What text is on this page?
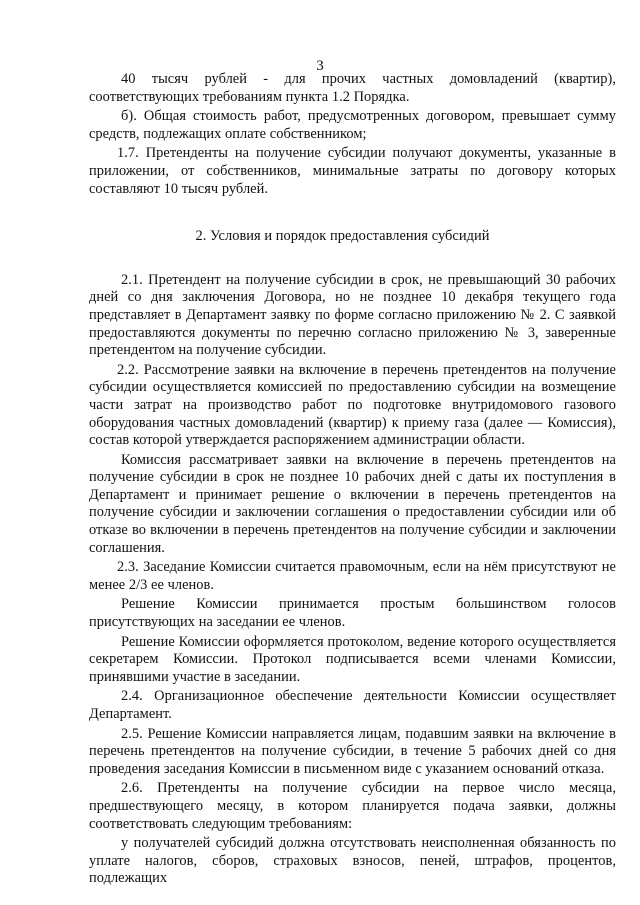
3

40 тысяч рублей - для прочих частных домовладений (квартир), соответствующих требованиям пункта 1.2 Порядка.

б). Общая стоимость работ, предусмотренных договором, превышает сумму средств, подлежащих оплате собственником;

1.7. Претенденты на получение субсидии получают документы, указанные в приложении, от собственников, минимальные затраты по договору которых составляют 10 тысяч рублей.

2. Условия и порядок предоставления субсидий

2.1. Претендент на получение субсидии в срок, не превышающий 30 рабочих дней со дня заключения Договора, но не позднее 10 декабря текущего года представляет в Департамент заявку по форме согласно приложению № 2. С заявкой предоставляются документы по перечню согласно приложению № 3, заверенные претендентом на получение субсидии.

2.2. Рассмотрение заявки на включение в перечень претендентов на получение субсидии осуществляется комиссией по предоставлению субсидии на возмещение части затрат на производство работ по подготовке внутридомового газового оборудования частных домовладений (квартир) к приему газа (далее — Комиссия), состав которой утверждается распоряжением администрации области.

Комиссия рассматривает заявки на включение в перечень претендентов на получение субсидии в срок не позднее 10 рабочих дней с даты их поступления в Департамент и принимает решение о включении в перечень претендентов на получение субсидии и заключении соглашения о предоставлении субсидии или об отказе во включении в перечень претендентов на получение субсидии и заключении соглашения.

2.3. Заседание Комиссии считается правомочным, если на нём присутствуют не менее 2/3 ее членов.

Решение Комиссии принимается простым большинством голосов присутствующих на заседании ее членов.

Решение Комиссии оформляется протоколом, ведение которого осуществляется секретарем Комиссии. Протокол подписывается всеми членами Комиссии, принявшими участие в заседании.

2.4. Организационное обеспечение деятельности Комиссии осуществляет Департамент.

2.5. Решение Комиссии направляется лицам, подавшим заявки на включение в перечень претендентов на получение субсидии, в течение 5 рабочих дней со дня проведения заседания Комиссии в письменном виде с указанием оснований отказа.

2.6. Претенденты на получение субсидии на первое число месяца, предшествующего месяцу, в котором планируется подача заявки, должны соответствовать следующим требованиям:

у получателей субсидий должна отсутствовать неисполненная обязанность по уплате налогов, сборов, страховых взносов, пеней, штрафов, процентов, подлежащих
